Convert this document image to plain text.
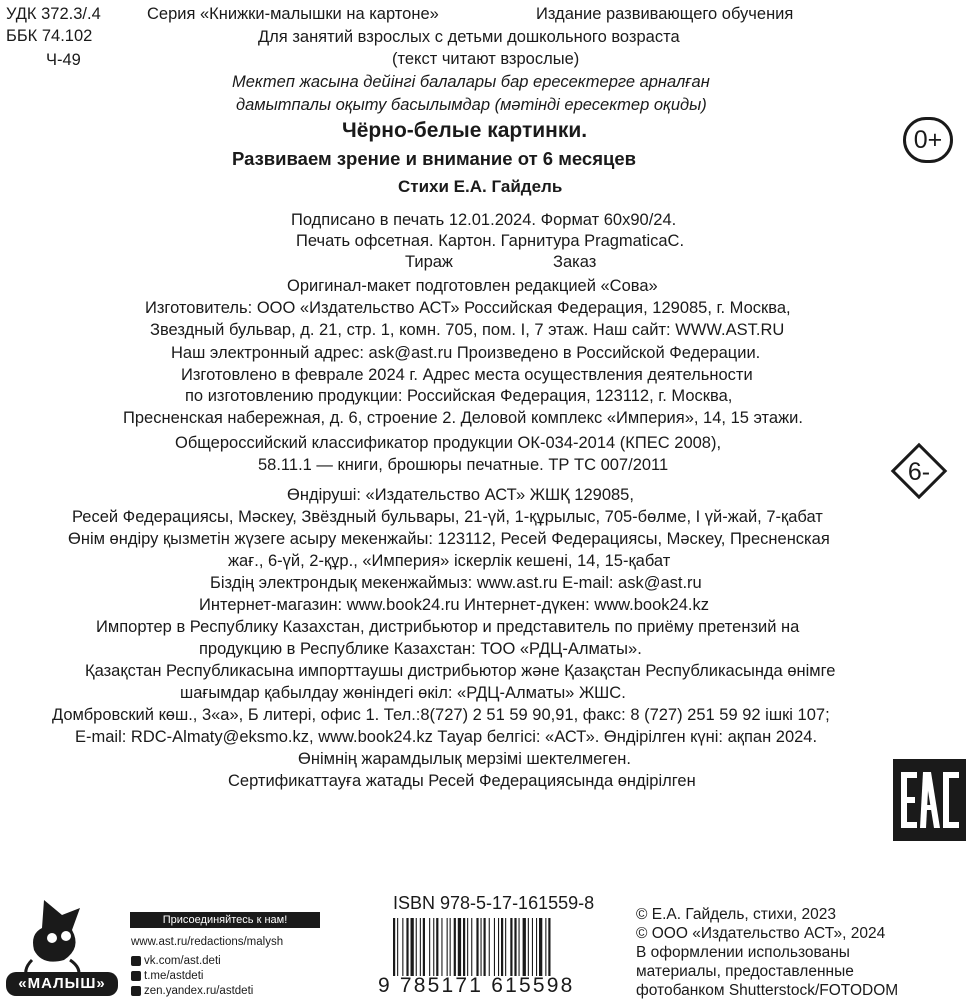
УДК 372.3/.4
ББК 74.102
Ч-49
Серия «Книжки-малышки на картоне»	Издание развивающего обучения
Для занятий взрослых с детьми дошкольного возраста
(текст читают взрослые)
Мектеп жасына дейінгі балалары бар ересектерге арналған
дамытпалы оқыту басылымдар (мәтінді ересектер оқиды)
Чёрно-белые картинки.
Развиваем зрение и внимание от 6 месяцев
Стихи Е.А. Гайдель
0+
6-
Подписано в печать 12.01.2024. Формат 60х90/24.
Печать офсетная. Картон. Гарнитура PragmaticaC.
Тираж	Заказ
Оригинал-макет подготовлен редакцией «Сова»
Изготовитель: ООО «Издательство АСТ» Российская Федерация, 129085, г. Москва,
Звездный бульвар, д. 21, стр. 1, комн. 705, пом. I, 7 этаж. Наш сайт: WWW.AST.RU
Наш электронный адрес: ask@ast.ru Произведено в Российской Федерации.
Изготовлено в феврале 2024 г. Адрес места осуществления деятельности
по изготовлению продукции: Российская Федерация, 123112, г. Москва,
Пресненская набережная, д. 6, строение 2. Деловой комплекс «Империя», 14, 15 этажи.
Общероссийский классификатор продукции ОК-034-2014 (КПЕС 2008),
58.11.1 — книги, брошюры печатные. ТР ТС 007/2011
Өндіруші: «Издательство АСТ» ЖШҚ 129085,
Ресей Федерациясы, Мәскеу, Звёздный бульвары, 21-үй, 1-құрылыс, 705-бөлме, I үй-жай, 7-қабат
Өнім өндіру қызметін жүзеге асыру мекенжайы: 123112, Ресей Федерациясы, Мәскеу, Пресненская
жағ., 6-үй, 2-құр., «Империя» іскерлік кешені, 14, 15-қабат
Біздің электрондық мекенжаймыз: www.ast.ru E-mail: ask@ast.ru
Интернет-магазин: www.book24.ru Интернет-дүкен: www.book24.kz
Импортер в Республику Казахстан, дистрибьютор и представитель по приёму претензий на
продукцию в Республике Казахстан: ТОО «РДЦ-Алматы».
Қазақстан Республикасына импорттаушы дистрибьютор және Қазақстан Республикасында өнімге
шағымдар қабылдау жөніндегі өкіл: «РДЦ-Алматы» ЖШС.
Домбровский көш., 3«а», Б литері, офис 1. Тел.:8(727) 2 51 59 90,91, факс: 8 (727) 251 59 92 ішкі 107;
E-mail: RDC-Almaty@eksmo.kz, www.book24.kz Тауар белгісі: «АСТ». Өндірілген күні: ақпан 2024.
Өнімнің жарамдылық мерзімі шектелмеген.
Сертификаттауға жатады Ресей Федерациясында өндірілген
«МАЛЫШ»
Присоединяйтесь к нам!
www.ast.ru/redactions/malysh
vk.com/ast.deti
t.me/astdeti
zen.yandex.ru/astdeti
ISBN 978-5-17-161559-8
9 785171 615598
© Е.А. Гайдель, стихи, 2023
© ООО «Издательство АСТ», 2024
В оформлении использованы
материалы, предоставленные
фотобанком Shutterstock/FOTODOM
